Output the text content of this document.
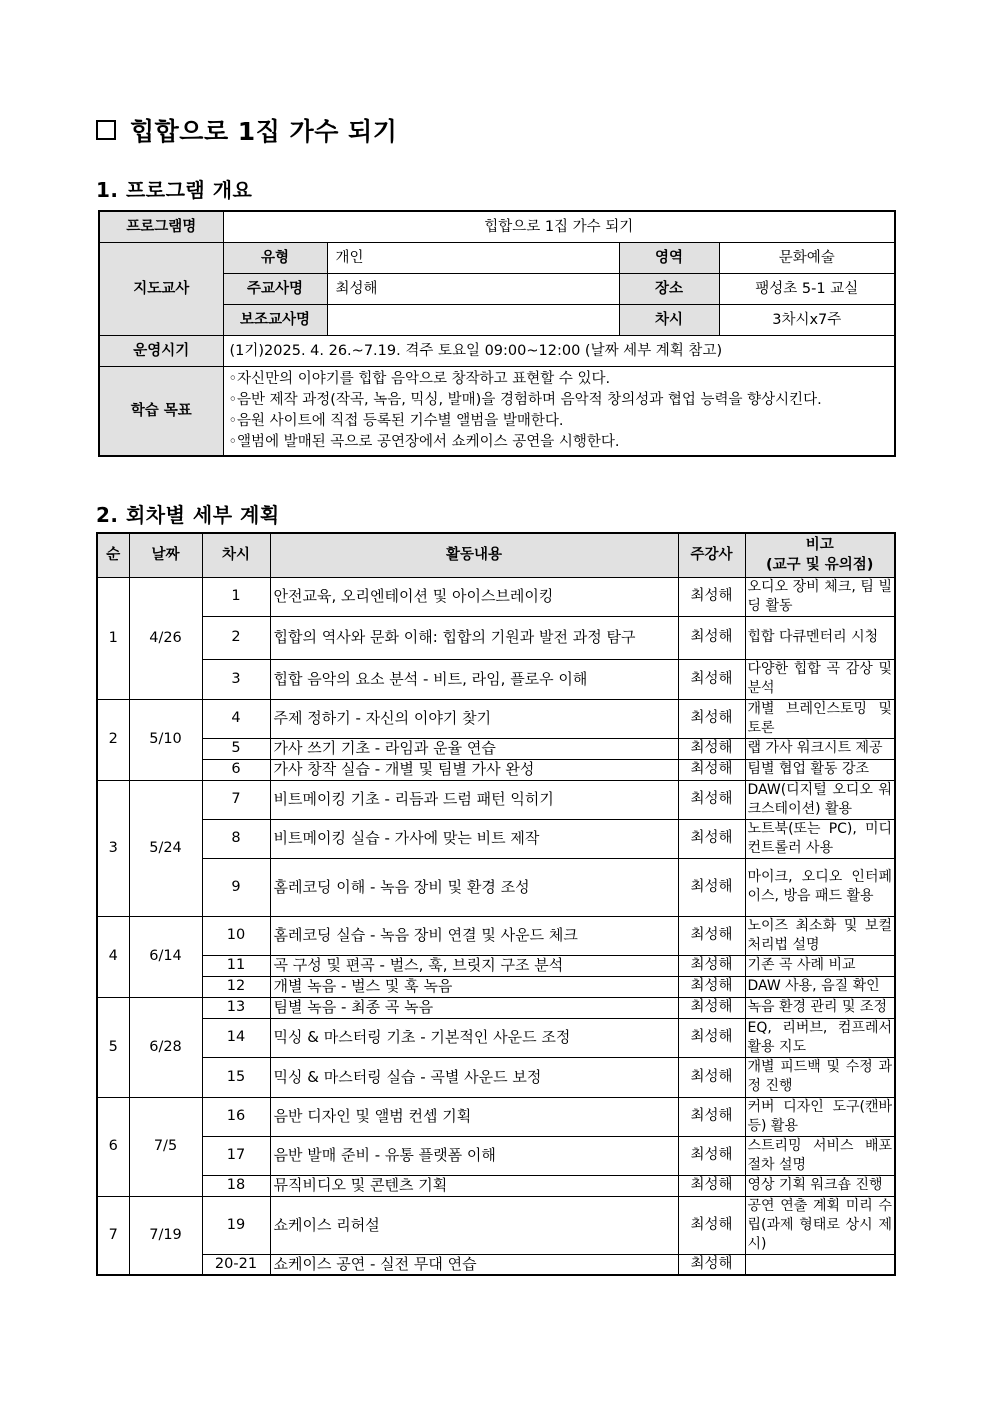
힙합으로 1집 가수 되기
1. 프로그램 개요
프로그램명	힙합으로 1집 가수 되기			
지도교사	유형	개인	영역	문화예술
	주교사명	최성해	장소	팽성초 5-1 교실
	보조교사명		차시	3차시x7주
운영시기	(1기)2025. 4. 26.~7.19. 격주 토요일 09:00~12:00 (날짜 세부 계획 참고)			
학습 목표	◦자신만의 이야기를 힙합 음악으로 창작하고 표현할 수 있다.
◦음반 제작 과정(작곡, 녹음, 믹싱, 발매)을 경험하며 음악적 창의성과 협업 능력을 향상시킨다.
◦음원 사이트에 직접 등록된 기수별 앨범을 발매한다.
◦앨범에 발매된 곡으로 공연장에서 쇼케이스 공연을 시행한다.			
2. 회차별 세부 계획
순	날짜	차시	활동내용	주강사	비고
(교구 및 유의점)
1	4/26	1	안전교육, 오리엔테이션 및 아이스브레이킹	최성해	오디오 장비 체크, 팀 빌딩 활동
		2	힙합의 역사와 문화 이해: 힙합의 기원과 발전 과정 탐구	최성해	힙합 다큐멘터리 시청
		3	힙합 음악의 요소 분석 - 비트, 라임, 플로우 이해	최성해	다양한 힙합 곡 감상 및 분석
2	5/10	4	주제 정하기 - 자신의 이야기 찾기	최성해	개별 브레인스토밍 및 토론
		5	가사 쓰기 기초 - 라임과 운율 연습	최성해	랩 가사 워크시트 제공
		6	가사 창작 실습 - 개별 및 팀별 가사 완성	최성해	팀별 협업 활동 강조
3	5/24	7	비트메이킹 기초 - 리듬과 드럼 패턴 익히기	최성해	DAW(디지털 오디오 워크스테이션) 활용
		8	비트메이킹 실습 - 가사에 맞는 비트 제작	최성해	노트북(또는 PC), 미디 컨트롤러 사용
		9	홈레코딩 이해 - 녹음 장비 및 환경 조성	최성해	마이크, 오디오 인터페이스, 방음 패드 활용
4	6/14	10	홈레코딩 실습 - 녹음 장비 연결 및 사운드 체크	최성해	노이즈 최소화 및 보컬 처리법 설명
		11	곡 구성 및 편곡 - 벌스, 훅, 브릿지 구조 분석	최성해	기존 곡 사례 비교
		12	개별 녹음 - 벌스 및 훅 녹음	최성해	DAW 사용, 음질 확인
5	6/28	13	팀별 녹음 - 최종 곡 녹음	최성해	녹음 환경 관리 및 조정
		14	믹싱 & 마스터링 기초 - 기본적인 사운드 조정	최성해	EQ, 리버브, 컴프레서 활용 지도
		15	믹싱 & 마스터링 실습 - 곡별 사운드 보정	최성해	개별 피드백 및 수정 과정 진행
6	7/5	16	음반 디자인 및 앨범 컨셉 기획	최성해	커버 디자인 도구(캔바 등) 활용
		17	음반 발매 준비 - 유통 플랫폼 이해	최성해	스트리밍 서비스 배포 절차 설명
		18	뮤직비디오 및 콘텐츠 기획	최성해	영상 기획 워크숍 진행
7	7/19	19	쇼케이스 리허설	최성해	공연 연출 계획 미리 수립(과제 형태로 상시 제시)
		20-21	쇼케이스 공연 - 실전 무대 연습	최성해	
